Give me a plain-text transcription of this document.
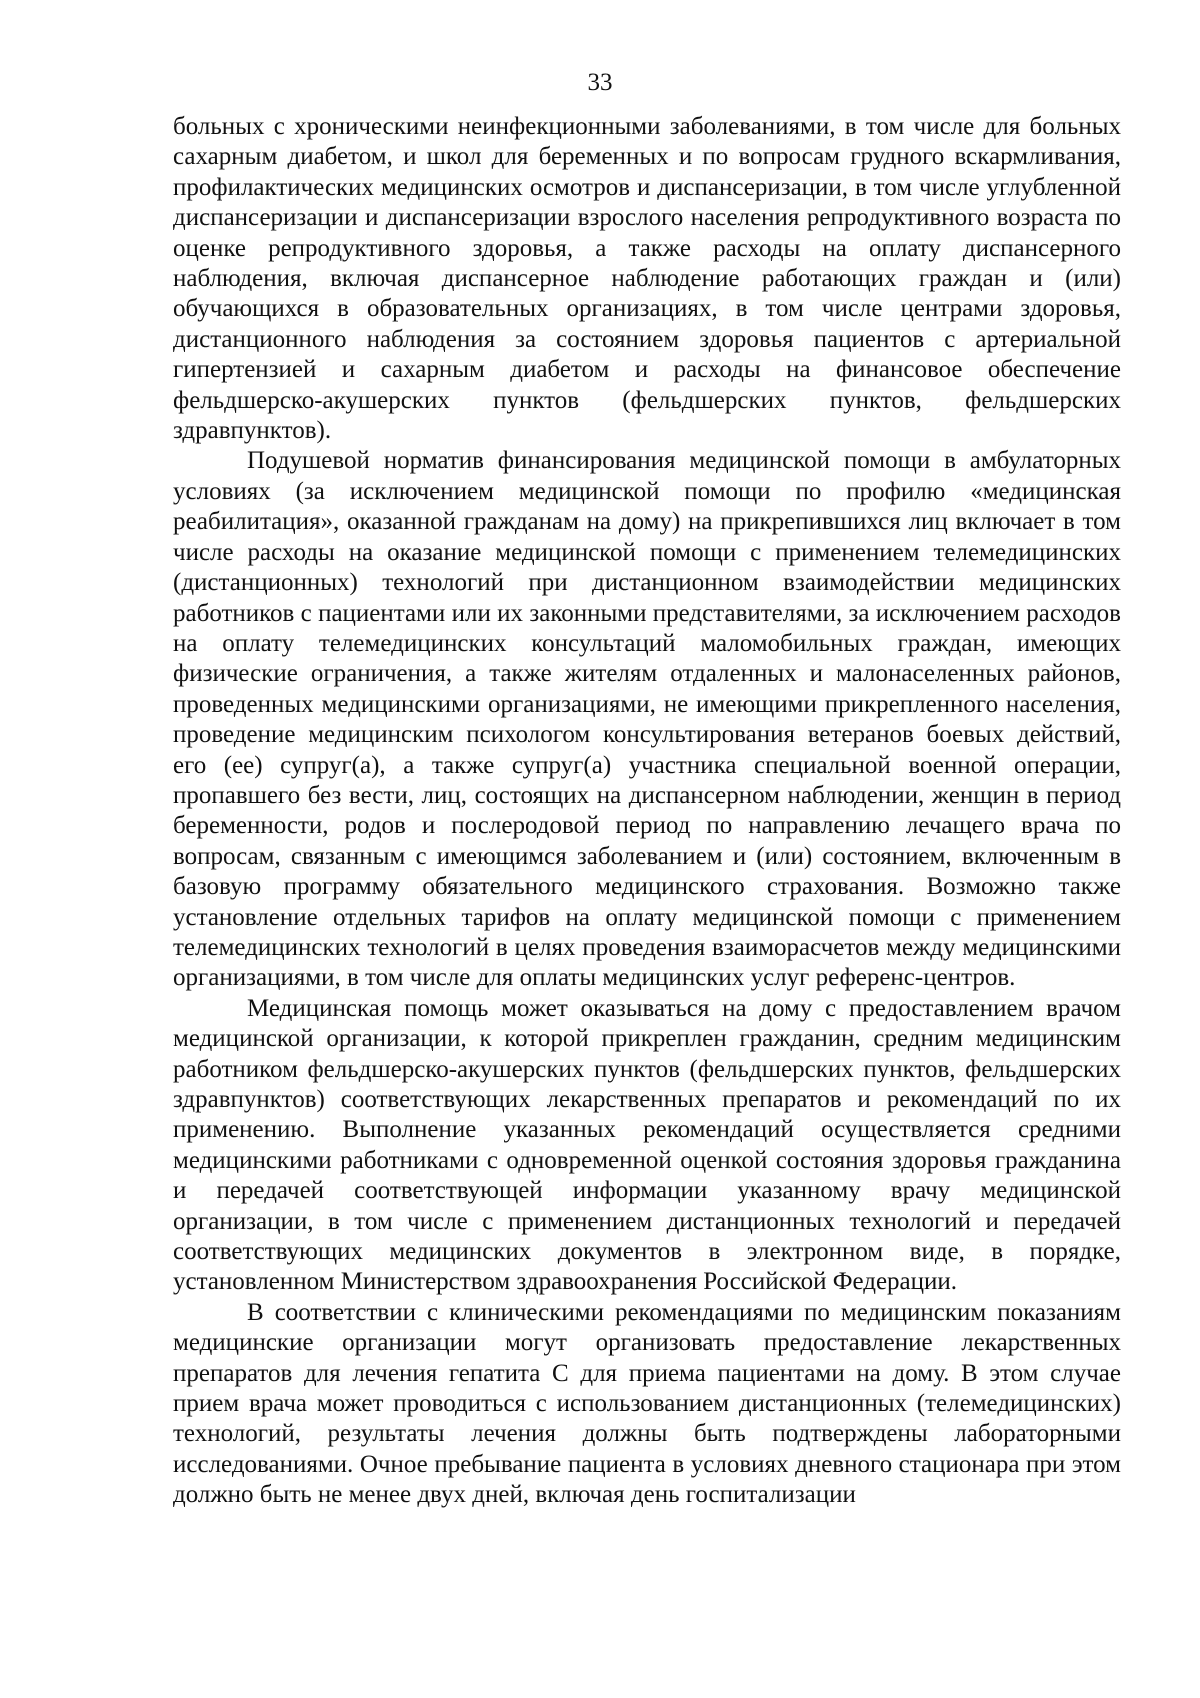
33

больных с хроническими неинфекционными заболеваниями, в том числе для больных сахарным диабетом, и школ для беременных и по вопросам грудного вскармливания, профилактических медицинских осмотров и диспансеризации, в том числе углубленной диспансеризации и диспансеризации взрослого населения репродуктивного возраста по оценке репродуктивного здоровья, а также расходы на оплату диспансерного наблюдения, включая диспансерное наблюдение работающих граждан и (или) обучающихся в образовательных организациях, в том числе центрами здоровья, дистанционного наблюдения за состоянием здоровья пациентов с артериальной гипертензией и сахарным диабетом и расходы на финансовое обеспечение фельдшерско-акушерских пунктов (фельдшерских пунктов, фельдшерских здравпунктов).

Подушевой норматив финансирования медицинской помощи в амбулаторных условиях (за исключением медицинской помощи по профилю «медицинская реабилитация», оказанной гражданам на дому) на прикрепившихся лиц включает в том числе расходы на оказание медицинской помощи с применением телемедицинских (дистанционных) технологий при дистанционном взаимодействии медицинских работников с пациентами или их законными представителями, за исключением расходов на оплату телемедицинских консультаций маломобильных граждан, имеющих физические ограничения, а также жителям отдаленных и малонаселенных районов, проведенных медицинскими организациями, не имеющими прикрепленного населения, проведение медицинским психологом консультирования ветеранов боевых действий, его (ее) супруг(а), а также супруг(а) участника специальной военной операции, пропавшего без вести, лиц, состоящих на диспансерном наблюдении, женщин в период беременности, родов и послеродовой период по направлению лечащего врача по вопросам, связанным с имеющимся заболеванием и (или) состоянием, включенным в базовую программу обязательного медицинского страхования. Возможно также установление отдельных тарифов на оплату медицинской помощи с применением телемедицинских технологий в целях проведения взаиморасчетов между медицинскими организациями, в том числе для оплаты медицинских услуг референс-центров.

Медицинская помощь может оказываться на дому с предоставлением врачом медицинской организации, к которой прикреплен гражданин, средним медицинским работником фельдшерско-акушерских пунктов (фельдшерских пунктов, фельдшерских здравпунктов) соответствующих лекарственных препаратов и рекомендаций по их применению. Выполнение указанных рекомендаций осуществляется средними медицинскими работниками с одновременной оценкой состояния здоровья гражданина и передачей соответствующей информации указанному врачу медицинской организации, в том числе с применением дистанционных технологий и передачей соответствующих медицинских документов в электронном виде, в порядке, установленном Министерством здравоохранения Российской Федерации.

В соответствии с клиническими рекомендациями по медицинским показаниям медицинские организации могут организовать предоставление лекарственных препаратов для лечения гепатита С для приема пациентами на дому. В этом случае прием врача может проводиться с использованием дистанционных (телемедицинских) технологий, результаты лечения должны быть подтверждены лабораторными исследованиями. Очное пребывание пациента в условиях дневного стационара при этом должно быть не менее двух дней, включая день госпитализации
